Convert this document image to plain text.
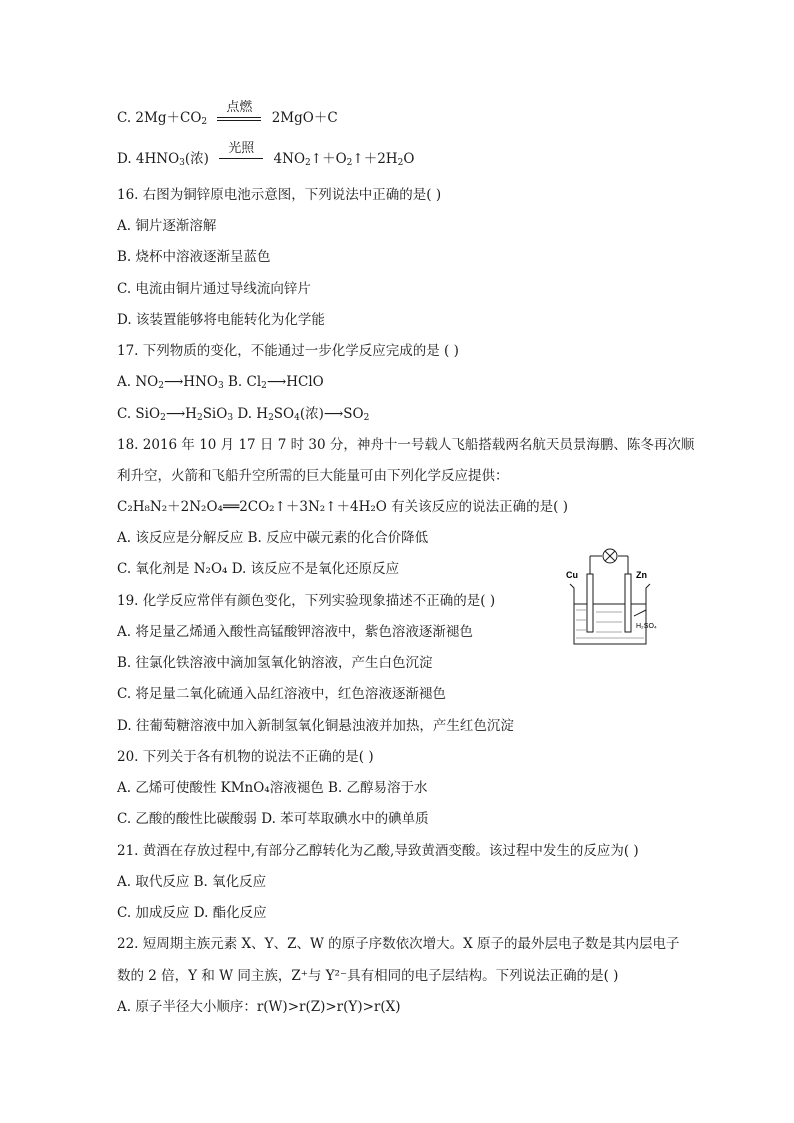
C. $2Mg+CO_2$
点燃
2MgO＋C
D. $4HNO_3$(浓)
光照
$4NO_2↑+O_2↑+2H_2O$
16. 右图为铜锌原电池示意图，下列说法中正确的是( )
A. 铜片逐渐溶解
B. 烧杯中溶液逐渐呈蓝色
C. 电流由铜片通过导线流向锌片
D. 该装置能够将电能转化为化学能
17. 下列物质的变化，不能通过一步化学反应完成的是 ( )
A. $NO_2⟶HNO_3$ B. $Cl_2⟶HClO$
C. $SiO_2⟶H_2SiO_3$ D. $H_2SO_4$(浓)$⟶SO_2$
18. 2016 年 10 月 17 日 7 时 30 分，神舟十一号载人飞船搭载两名航天员景海鹏、陈冬再次顺
利升空，火箭和飞船升空所需的巨大能量可由下列化学反应提供：
C₂H₈N₂＋2N₂O₄══2CO₂↑＋3N₂↑＋4H₂O 有关该反应的说法正确的是( )
A. 该反应是分解反应 B. 反应中碳元素的化合价降低
C. 氧化剂是 N₂O₄ D. 该反应不是氧化还原反应	Cu	Zn
H₂SO₄
19. 化学反应常伴有颜色变化，下列实验现象描述不正确的是( )
A. 将足量乙烯通入酸性高锰酸钾溶液中，紫色溶液逐渐褪色
B. 往氯化铁溶液中滴加氢氧化钠溶液，产生白色沉淀
C. 将足量二氧化硫通入品红溶液中，红色溶液逐渐褪色
D. 往葡萄糖溶液中加入新制氢氧化铜悬浊液并加热，产生红色沉淀
20. 下列关于各有机物的说法不正确的是( )
A. 乙烯可使酸性 KMnO₄溶液褪色 B. 乙醇易溶于水
C. 乙酸的酸性比碳酸弱 D. 苯可萃取碘水中的碘单质
21. 黄酒在存放过程中,有部分乙醇转化为乙酸,导致黄酒变酸。该过程中发生的反应为( )
A. 取代反应 B. 氧化反应
C. 加成反应 D. 酯化反应
22. 短周期主族元素 X、Y、Z、W 的原子序数依次增大。X 原子的最外层电子数是其内层电子
数的 2 倍，Y 和 W 同主族，Z⁺与 Y²⁻具有相同的电子层结构。下列说法正确的是( )
A. 原子半径大小顺序：r(W)>r(Z)>r(Y)>r(X)
